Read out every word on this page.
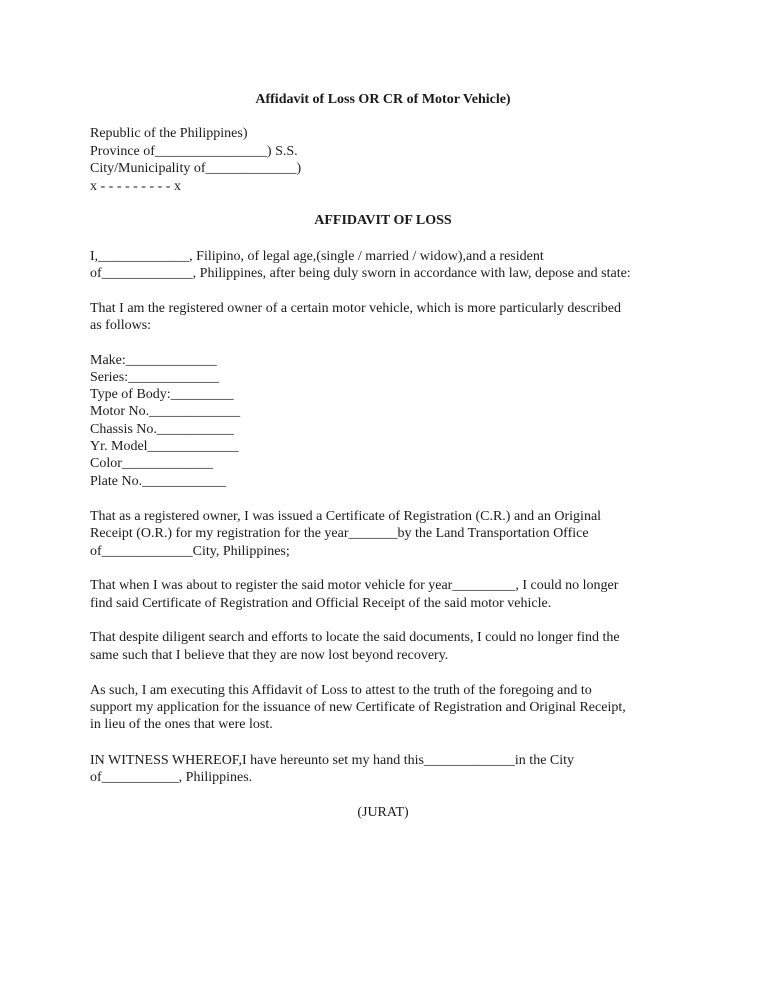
Affidavit of Loss OR CR of Motor Vehicle)

Republic of the Philippines)

Province of________________) S.S.

City/Municipality of_____________)

x - - - - - - - - - x

AFFIDAVIT OF LOSS

I,_____________, Filipino, of legal age,(single / married / widow),and a resident

of_____________, Philippines, after being duly sworn in accordance with law, depose and state:

That I am the registered owner of a certain motor vehicle, which is more particularly described

as follows:

Make:_____________

Series:_____________

Type of Body:_________

Motor No._____________

Chassis No.___________

Yr. Model_____________

Color_____________

Plate No.____________

That as a registered owner, I was issued a Certificate of Registration (C.R.) and an Original

Receipt (O.R.) for my registration for the year_______by the Land Transportation Office

of_____________City, Philippines;

That when I was about to register the said motor vehicle for year_________, I could no longer

find said Certificate of Registration and Official Receipt of the said motor vehicle.

That despite diligent search and efforts to locate the said documents, I could no longer find the

same such that I believe that they are now lost beyond recovery.

As such, I am executing this Affidavit of Loss to attest to the truth of the foregoing and to

support my application for the issuance of new Certificate of Registration and Original Receipt,

in lieu of the ones that were lost.

IN WITNESS WHEREOF,I have hereunto set my hand this_____________in the City

of___________, Philippines.

(JURAT)
